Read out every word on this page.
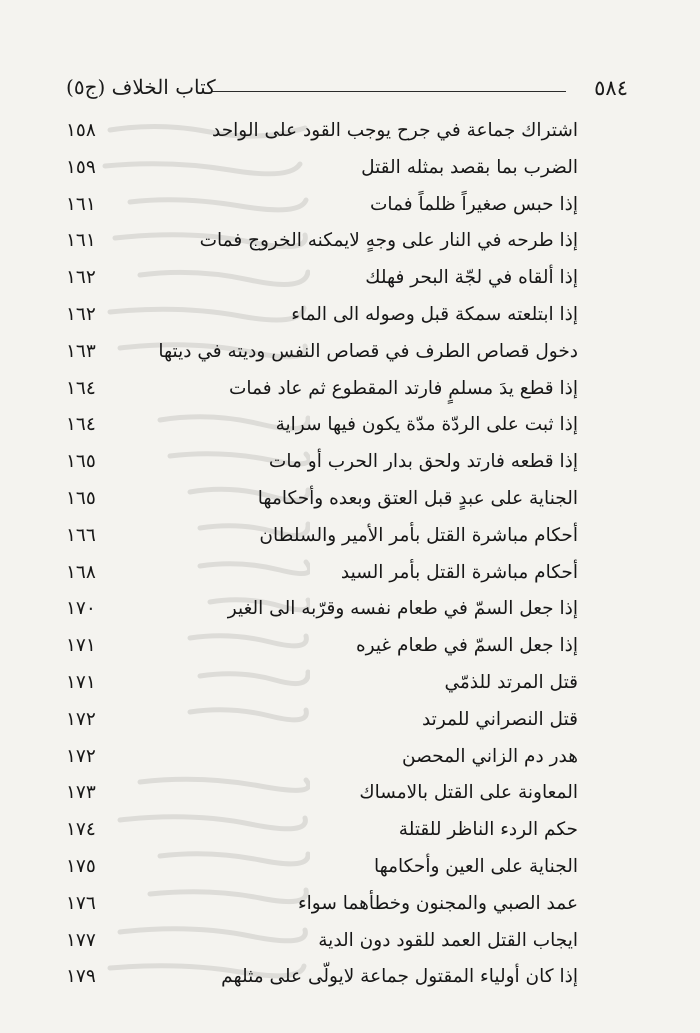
٥٨٤
كتاب الخلاف (ج٥)
اشتراك جماعة في جرح يوجب القود على الواحد
١٥٨
الضرب بما بقصد بمثله القتل
١٥٩
إذا حبس صغيراً ظلماً فمات
١٦١
إذا طرحه في النار على وجهٍ لايمكنه الخروج فمات
١٦١
إذا ألقاه في لجّة البحر فهلك
١٦٢
إذا ابتلعته سمكة قبل وصوله الى الماء
١٦٢
دخول قصاص الطرف في قصاص النفس وديته في ديتها
١٦٣
إذا قطع يدَ مسلمٍ فارتد المقطوع ثم عاد فمات
١٦٤
إذا ثبت على الردّة مدّة يكون فيها سراية
١٦٤
إذا قطعه فارتد ولحق بدار الحرب أو مات
١٦٥
الجناية على عبدٍ قبل العتق وبعده وأحكامها
١٦٥
أحكام مباشرة القتل بأمر الأمير والسلطان
١٦٦
أحكام مباشرة القتل بأمر السيد
١٦٨
إذا جعل السمّ في طعام نفسه وقرّبه الى الغير
١٧٠
إذا جعل السمّ في طعام غيره
١٧١
قتل المرتد للذمّي
١٧١
قتل النصراني للمرتد
١٧٢
هدر دم الزاني المحصن
١٧٢
المعاونة على القتل بالامساك
١٧٣
حكم الردء الناظر للقتلة
١٧٤
الجناية على العين وأحكامها
١٧٥
عمد الصبي والمجنون وخطأهما سواء
١٧٦
ايجاب القتل العمد للقود دون الدية
١٧٧
إذا كان أولياء المقتول جماعة لايولّى على مثلهم
١٧٩
